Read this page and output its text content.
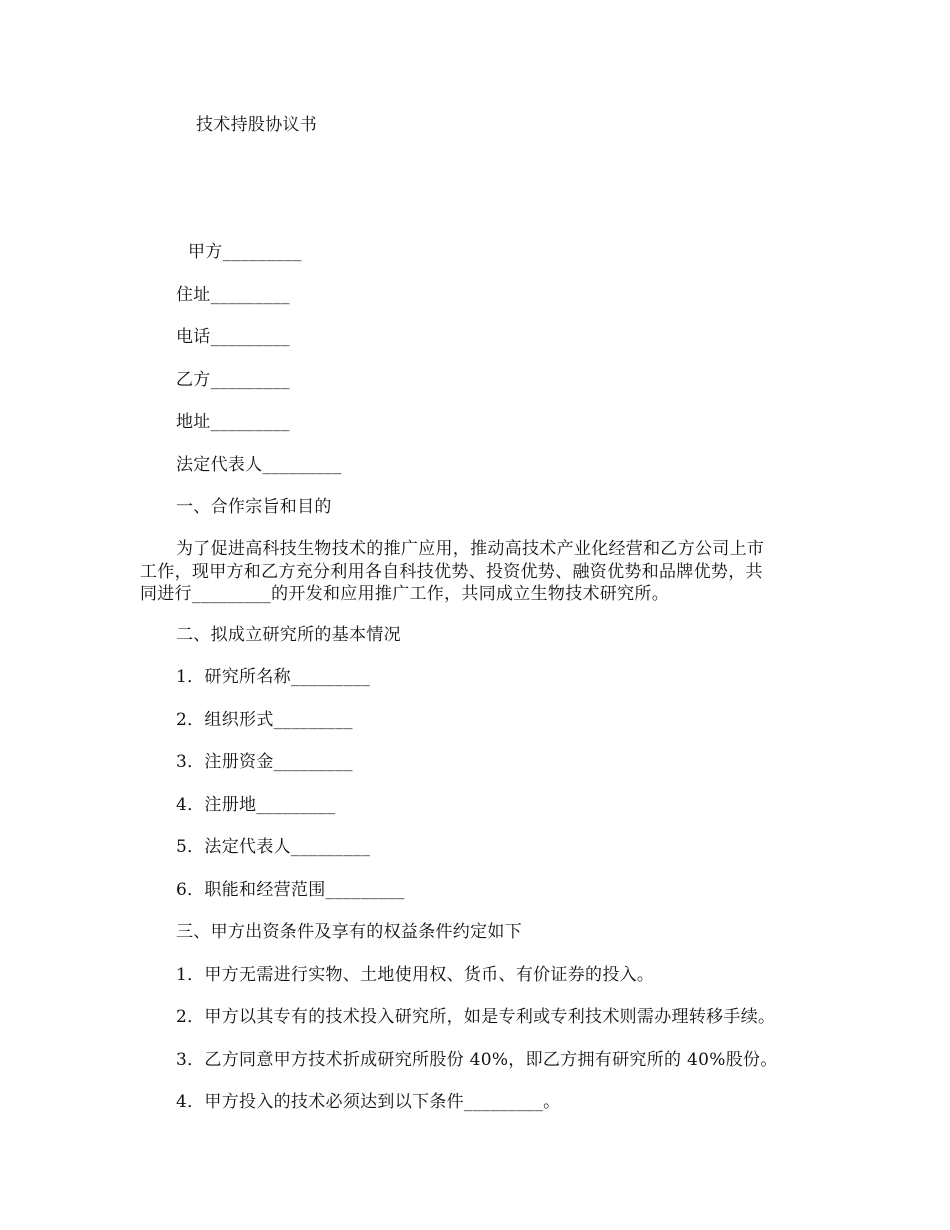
技术持股协议书
甲方_________
住址_________
电话_________
乙方_________
地址_________
法定代表人_________
一、合作宗旨和目的
为了促进高科技生物技术的推广应用，推动高技术产业化经营和乙方公司上市
工作，现甲方和乙方充分利用各自科技优势、投资优势、融资优势和品牌优势，共
同进行_________的开发和应用推广工作，共同成立生物技术研究所。
二、拟成立研究所的基本情况
1．研究所名称_________
2．组织形式_________
3．注册资金_________
4．注册地_________
5．法定代表人_________
6．职能和经营范围_________
三、甲方出资条件及享有的权益条件约定如下
1．甲方无需进行实物、土地使用权、货币、有价证券的投入。
2．甲方以其专有的技术投入研究所，如是专利或专利技术则需办理转移手续。
3．乙方同意甲方技术折成研究所股份 40%，即乙方拥有研究所的 40%股份。
4．甲方投入的技术必须达到以下条件_________。
